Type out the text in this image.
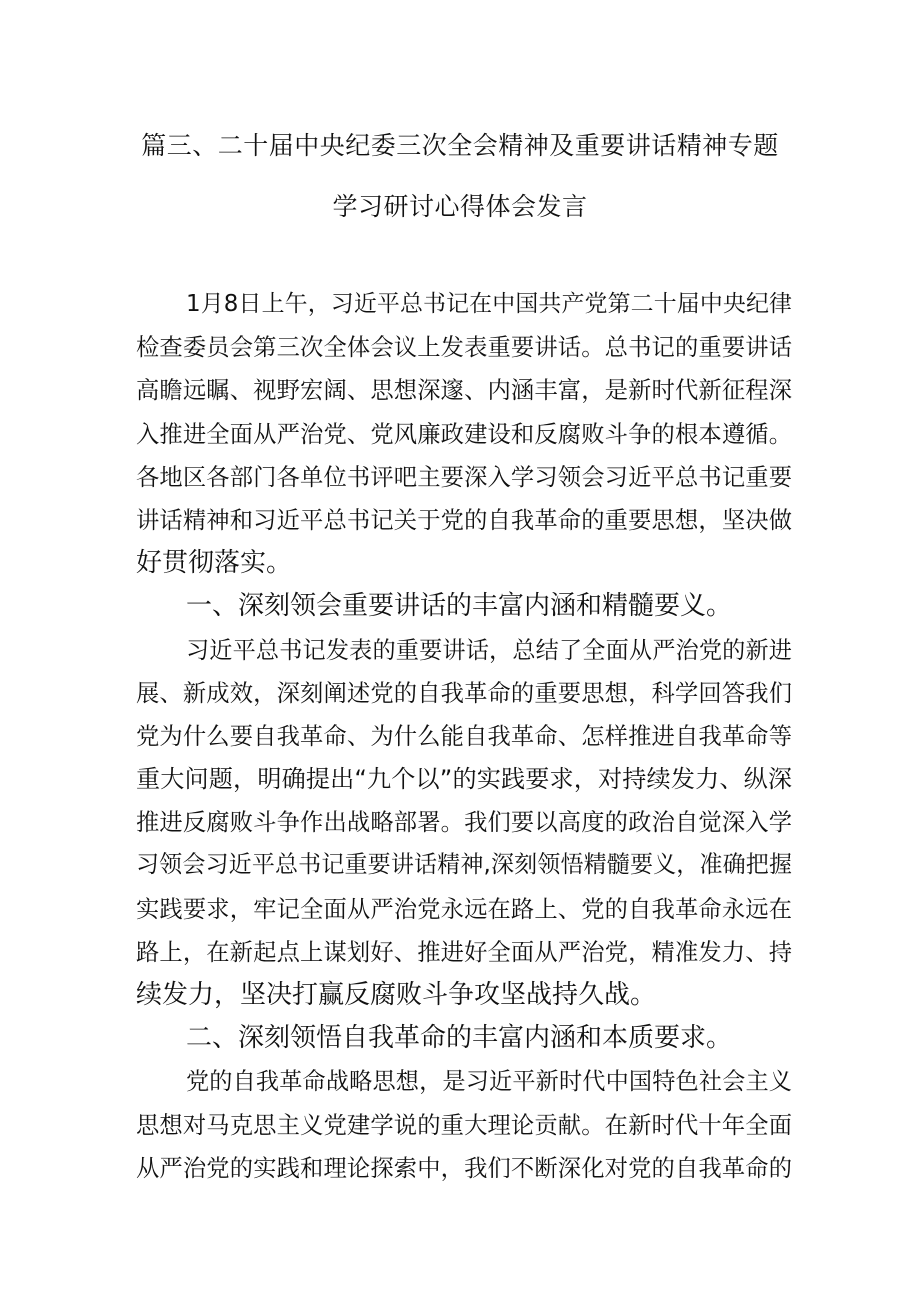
篇三、二十届中央纪委三次全会精神及重要讲话精神专题
学习研讨心得体会发言
1月8日上午，习近平总书记在中国共产党第二十届中央纪律
检查委员会第三次全体会议上发表重要讲话。总书记的重要讲话
高瞻远瞩、视野宏阔、思想深邃、内涵丰富，是新时代新征程深
入推进全面从严治党、党风廉政建设和反腐败斗争的根本遵循。
各地区各部门各单位书评吧主要深入学习领会习近平总书记重要
讲话精神和习近平总书记关于党的自我革命的重要思想，坚决做
好贯彻落实。
一、深刻领会重要讲话的丰富内涵和精髓要义。
习近平总书记发表的重要讲话，总结了全面从严治党的新进
展、新成效，深刻阐述党的自我革命的重要思想，科学回答我们
党为什么要自我革命、为什么能自我革命、怎样推进自我革命等
重大问题，明确提出“九个以”的实践要求，对持续发力、纵深
推进反腐败斗争作出战略部署。我们要以高度的政治自觉深入学
习领会习近平总书记重要讲话精神,深刻领悟精髓要义，准确把握
实践要求，牢记全面从严治党永远在路上、党的自我革命永远在
路上，在新起点上谋划好、推进好全面从严治党，精准发力、持
续发力，坚决打赢反腐败斗争攻坚战持久战。
二、深刻领悟自我革命的丰富内涵和本质要求。
党的自我革命战略思想，是习近平新时代中国特色社会主义
思想对马克思主义党建学说的重大理论贡献。在新时代十年全面
从严治党的实践和理论探索中，我们不断深化对党的自我革命的
